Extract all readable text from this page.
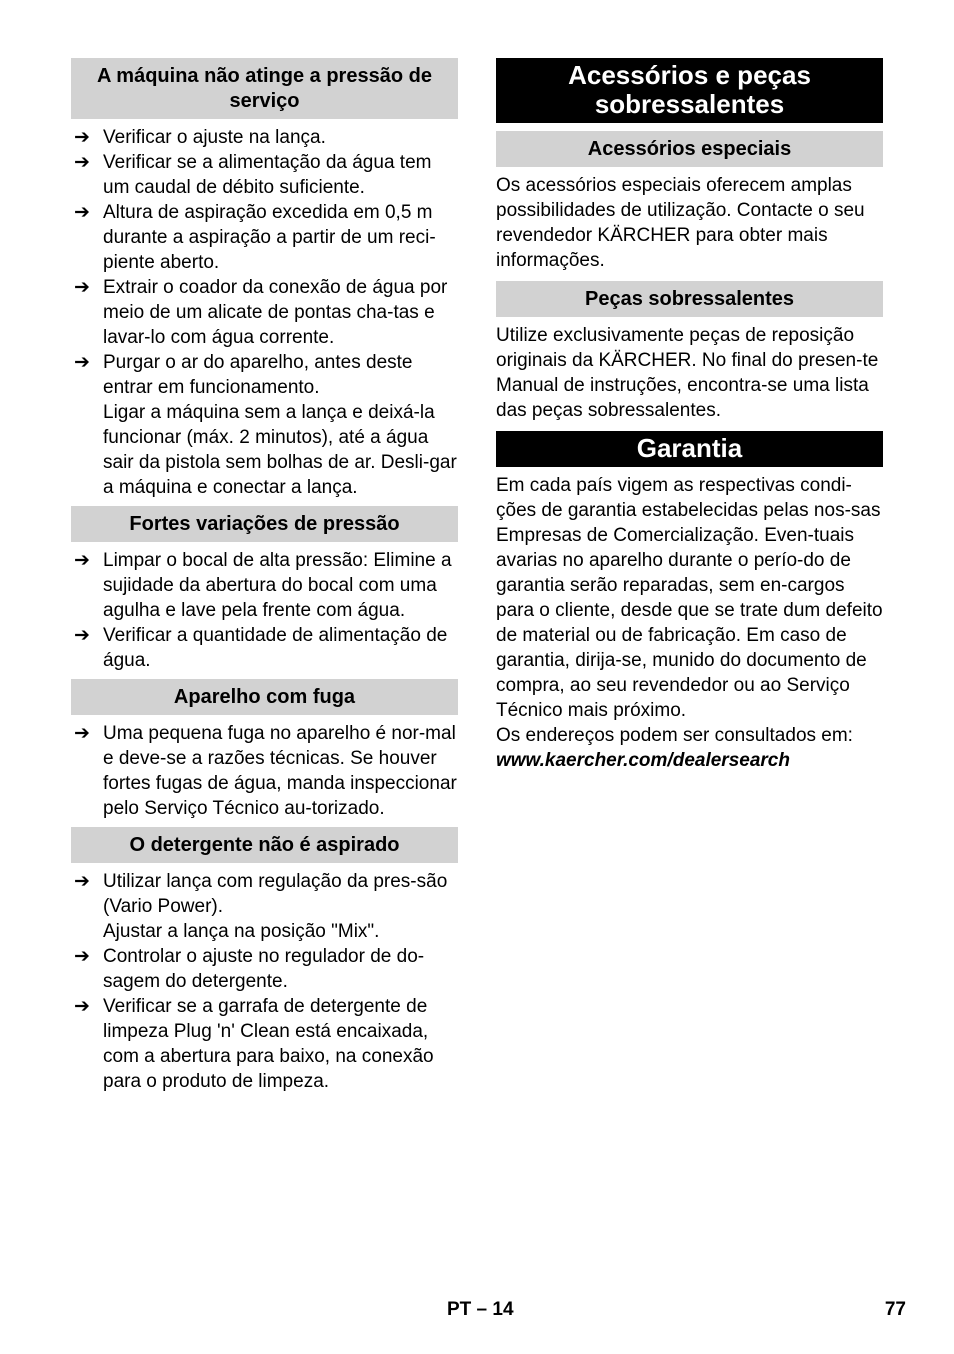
A máquina não atinge a pressão de serviço
➔ Verificar o ajuste na lança.
➔ Verificar se a alimentação da água tem um caudal de débito suficiente.
➔ Altura de aspiração excedida em 0,5 m durante a aspiração a partir de um reci-piente aberto.
➔ Extrair o coador da conexão de água por meio de um alicate de pontas cha-tas e lavar-lo com água corrente.
➔ Purgar o ar do aparelho, antes deste entrar em funcionamento.
Ligar a máquina sem a lança e deixá-la funcionar (máx. 2 minutos), até a água sair da pistola sem bolhas de ar. Desli-gar a máquina e conectar a lança.
Fortes variações de pressão
➔ Limpar o bocal de alta pressão: Elimine a sujidade da abertura do bocal com uma agulha e lave pela frente com água.
➔ Verificar a quantidade de alimentação de água.
Aparelho com fuga
➔ Uma pequena fuga no aparelho é nor-mal e deve-se a razões técnicas. Se houver fortes fugas de água, manda inspeccionar pelo Serviço Técnico au-torizado.
O detergente não é aspirado
➔ Utilizar lança com regulação da pres-são (Vario Power).
Ajustar a lança na posição "Mix".
➔ Controlar o ajuste no regulador de do-sagem do detergente.
➔ Verificar se a garrafa de detergente de limpeza Plug 'n' Clean está encaixada, com a abertura para baixo, na conexão para o produto de limpeza.
Acessórios e peças sobressalentes
Acessórios especiais

Os acessórios especiais oferecem amplas possibilidades de utilização. Contacte o seu revendedor KÄRCHER para obter mais informações.

Peças sobressalentes

Utilize exclusivamente peças de reposição originais da KÄRCHER. No final do presen-te Manual de instruções, encontra-se uma lista das peças sobressalentes.

Garantia

Em cada país vigem as respectivas condi-ções de garantia estabelecidas pelas nos-sas Empresas de Comercialização. Even-tuais avarias no aparelho durante o perío-do de garantia serão reparadas, sem en-cargos para o cliente, desde que se trate dum defeito de material ou de fabricação. Em caso de garantia, dirija-se, munido do documento de compra, ao seu revendedor ou ao Serviço Técnico mais próximo.
Os endereços podem ser consultados em:
www.kaercher.com/dealersearch

PT – 14	77
